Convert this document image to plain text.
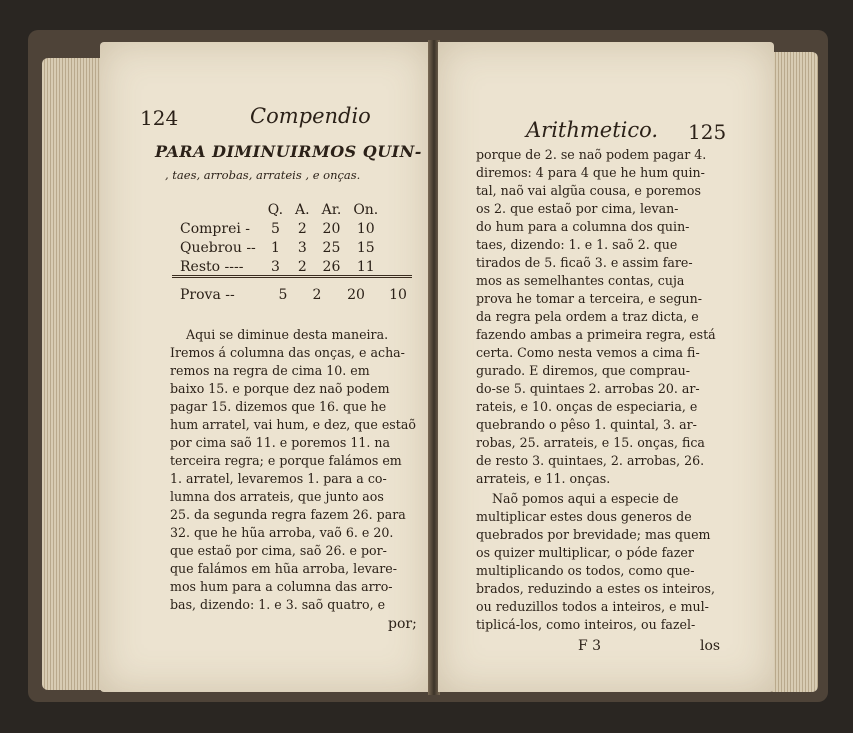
124	Compendio
PARA DIMINUIRMOS QUIN-
, taes, arrobas, arrateis , e onças.
	Q.	A.	Ar.	On.
Comprei -	5	2	20	10
Quebrou --	1	3	25	15
Resto ----	3	2	26	11
Prova --	5 2 20 10
Aqui se diminue desta maneira.
Iremos á columna das onças, e acha-
remos na regra de cima 10. em
baixo 15. e porque dez naõ podem
pagar 15. dizemos que 16. que he
hum arratel, vai hum, e dez, que estaõ
por cima saõ 11. e poremos 11. na
terceira regra; e porque falámos em
1. arratel, levaremos 1. para a co-
lumna dos arrateis, que junto aos
25. da segunda regra fazem 26. para
32. que he hũa arroba, vaõ 6. e 20.
que estaõ por cima, saõ 26. e por-
que falámos em hũa arroba, levare-
mos hum para a columna das arro-
bas, dizendo: 1. e 3. saõ quatro, e
por;
Arithmetico. 125
porque de 2. se naõ podem pagar 4.
diremos: 4 para 4 que he hum quin-
tal, naõ vai algũa cousa, e poremos
os 2. que estaõ por cima, levan-
do hum para a columna dos quin-
taes, dizendo: 1. e 1. saõ 2. que
tirados de 5. ficaõ 3. e assim fare-
mos as semelhantes contas, cuja
prova he tomar a terceira, e segun-
da regra pela ordem a traz dicta, e
fazendo ambas a primeira regra, está
certa. Como nesta vemos a cima fi-
gurado. E diremos, que comprau-
do-se 5. quintaes 2. arrobas 20. ar-
rateis, e 10. onças de especiaria, e
quebrando o pêso 1. quintal, 3. ar-
robas, 25. arrateis, e 15. onças, fica
de resto 3. quintaes, 2. arrobas, 26.
arrateis, e 11. onças.
Naõ pomos aqui a especie de
multiplicar estes dous generos de
quebrados por brevidade; mas quem
os quizer multiplicar, o póde fazer
multiplicando os todos, como que-
brados, reduzindo a estes os inteiros,
ou reduzillos todos a inteiros, e mul-
tiplicá-los, como inteiros, ou fazel-
F 3	los
